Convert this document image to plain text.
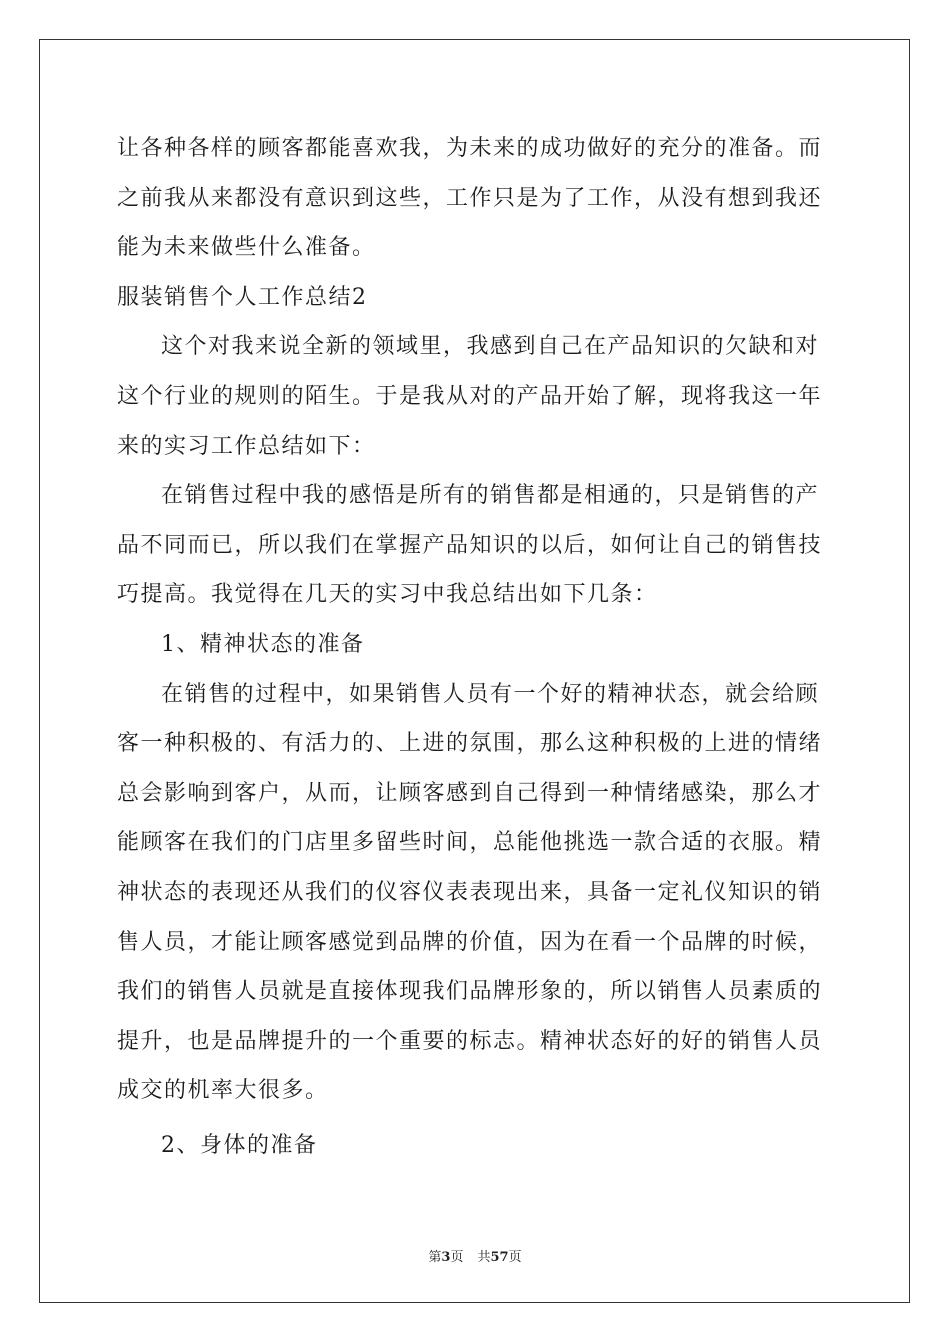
让各种各样的顾客都能喜欢我，为未来的成功做好的充分的准备。而
之前我从来都没有意识到这些，工作只是为了工作，从没有想到我还
能为未来做些什么准备。
服装销售个人工作总结2
这个对我来说全新的领域里，我感到自己在产品知识的欠缺和对
这个行业的规则的陌生。于是我从对的产品开始了解，现将我这一年
来的实习工作总结如下：
在销售过程中我的感悟是所有的销售都是相通的，只是销售的产
品不同而已，所以我们在掌握产品知识的以后，如何让自己的销售技
巧提高。我觉得在几天的实习中我总结出如下几条：
1、精神状态的准备
在销售的过程中，如果销售人员有一个好的精神状态，就会给顾
客一种积极的、有活力的、上进的氛围，那么这种积极的上进的情绪
总会影响到客户，从而，让顾客感到自己得到一种情绪感染，那么才
能顾客在我们的门店里多留些时间，总能他挑选一款合适的衣服。精
神状态的表现还从我们的仪容仪表表现出来，具备一定礼仪知识的销
售人员，才能让顾客感觉到品牌的价值，因为在看一个品牌的时候，
我们的销售人员就是直接体现我们品牌形象的，所以销售人员素质的
提升，也是品牌提升的一个重要的标志。精神状态好的好的销售人员
成交的机率大很多。
2、身体的准备
第3页 共57页
